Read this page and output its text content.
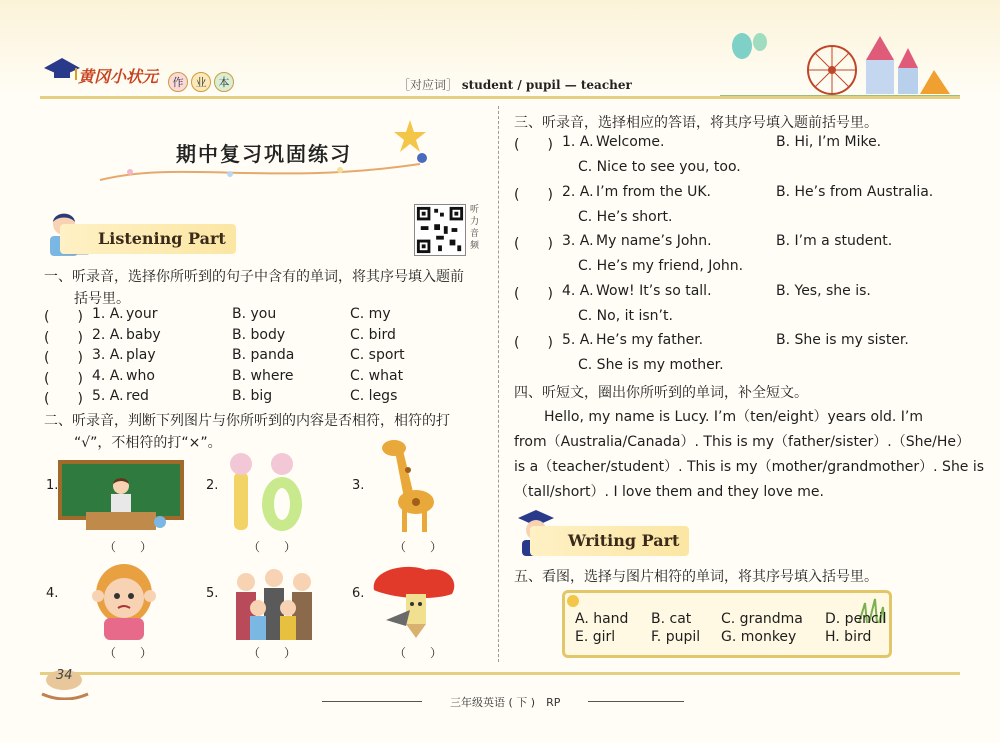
黄冈小状元	作	业	本	［对应词］ student / pupil — teacher
期中复习巩固练习
Listening Part
听力音频
一、听录音，选择你所听到的句子中含有的单词，将其序号填入题前
括号里。
(　　) 1. A. your	B. you	C. my
(　　) 2. A. baby	B. body	C. bird
(　　) 3. A. play	B. panda	C. sport
(　　) 4. A. who	B. where	C. what
(　　) 5. A. red	B. big	C. legs
二、听录音，判断下列图片与你所听到的内容是否相符，相符的打
“√”，不相符的打“×”。
1.
（　　）
2.
（　　）
3.
（　　）
4.
（　　）
5.
（　　）
6.
（　　）
三、听录音，选择相应的答语，将其序号填入题前括号里。
(　　) 1. A. Welcome.	B. Hi, I’m Mike.
C. Nice to see you, too.
(　　) 2. A. I’m from the UK.	B. He’s from Australia.
C. He’s short.
(　　) 3. A. My name’s John.	B. I’m a student.
C. He’s my friend, John.
(　　) 4. A. Wow! It’s so tall.	B. Yes, she is.
C. No, it isn’t.
(　　) 5. A. He’s my father.	B. She is my sister.
C. She is my mother.
四、听短文，圈出你所听到的单词，补全短文。
Hello, my name is Lucy. I’m（ten/eight）years old. I’m
from（Australia/Canada）. This is my（father/sister）.（She/He）
is a（teacher/student）. This is my（mother/grandmother）. She is
（tall/short）. I love them and they love me.
Writing Part
五、看图，选择与图片相符的单词，将其序号填入括号里。
A. hand B. cat C. grandma D. pencil
E. girl	F. pupil G. monkey H. bird
34
三年级英语 ( 下 )　RP
